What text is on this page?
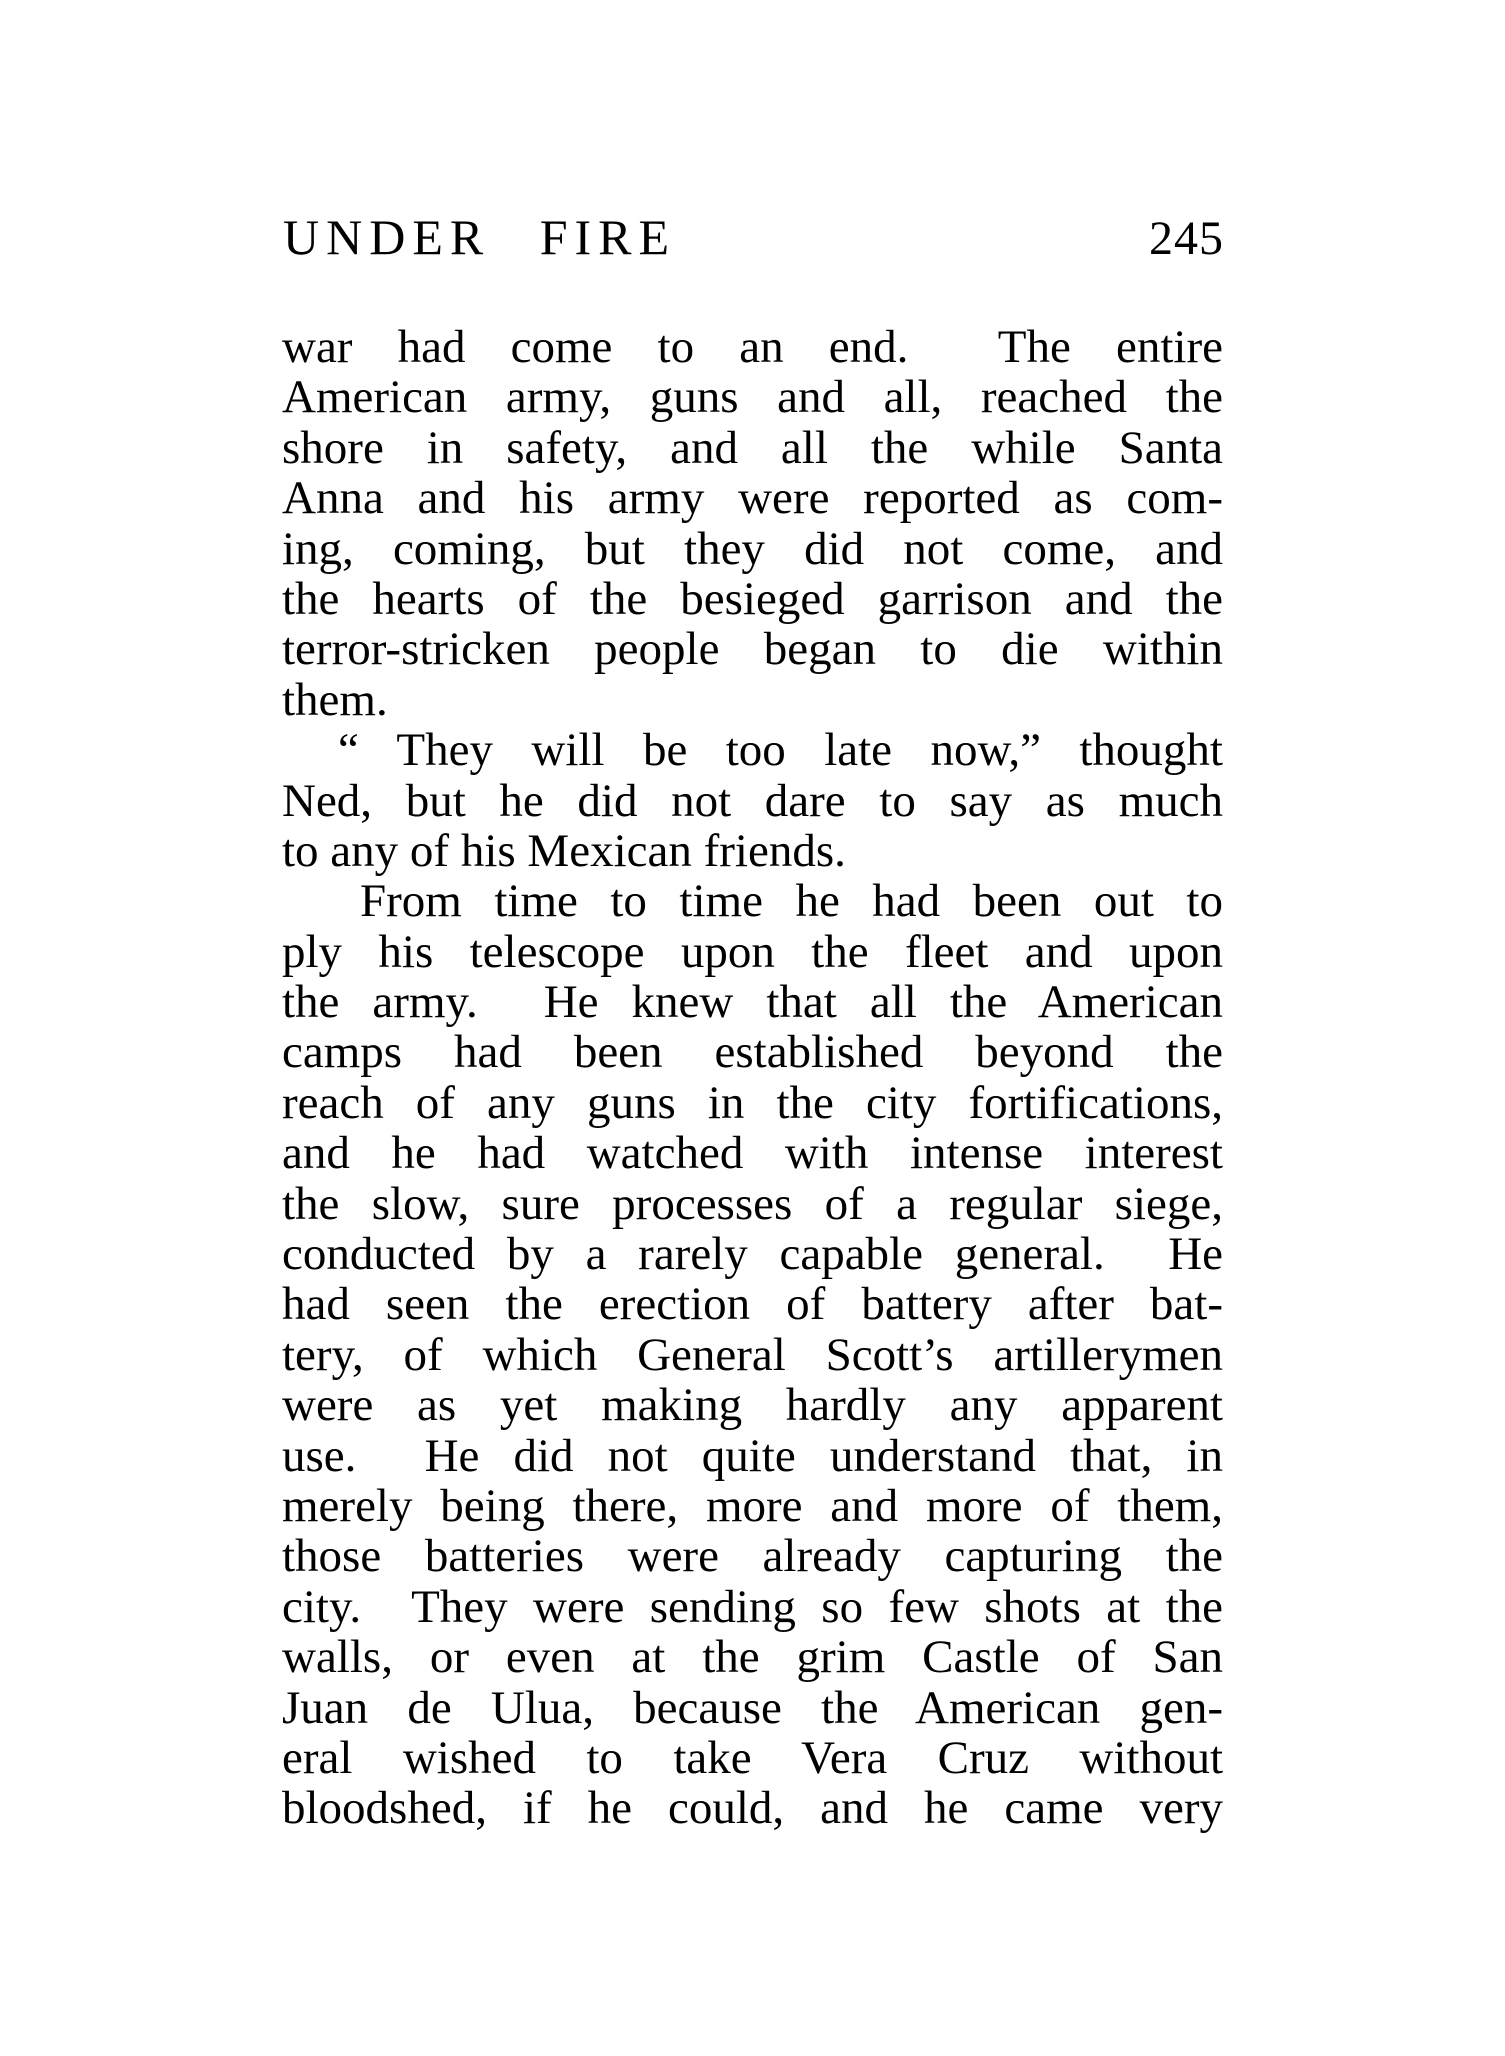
UNDER FIRE	245
war had come to an end.  The entire
American army, guns and all, reached the
shore in safety, and all the while Santa
Anna and his army were reported as com-
ing, coming, but they did not come, and
the hearts of the besieged garrison and the
terror-stricken people began to die within
them.
“ They will be too late now,” thought
Ned, but he did not dare to say as much
to any of his Mexican friends.
From time to time he had been out to
ply his telescope upon the fleet and upon
the army.  He knew that all the American
camps had been established beyond the
reach of any guns in the city fortifications,
and he had watched with intense interest
the slow, sure processes of a regular siege,
conducted by a rarely capable general.  He
had seen the erection of battery after bat-
tery, of which General Scott’s artillerymen
were as yet making hardly any apparent
use.  He did not quite understand that, in
merely being there, more and more of them,
those batteries were already capturing the
city.  They were sending so few shots at the
walls, or even at the grim Castle of San
Juan de Ulua, because the American gen-
eral wished to take Vera Cruz without
bloodshed, if he could, and he came very
